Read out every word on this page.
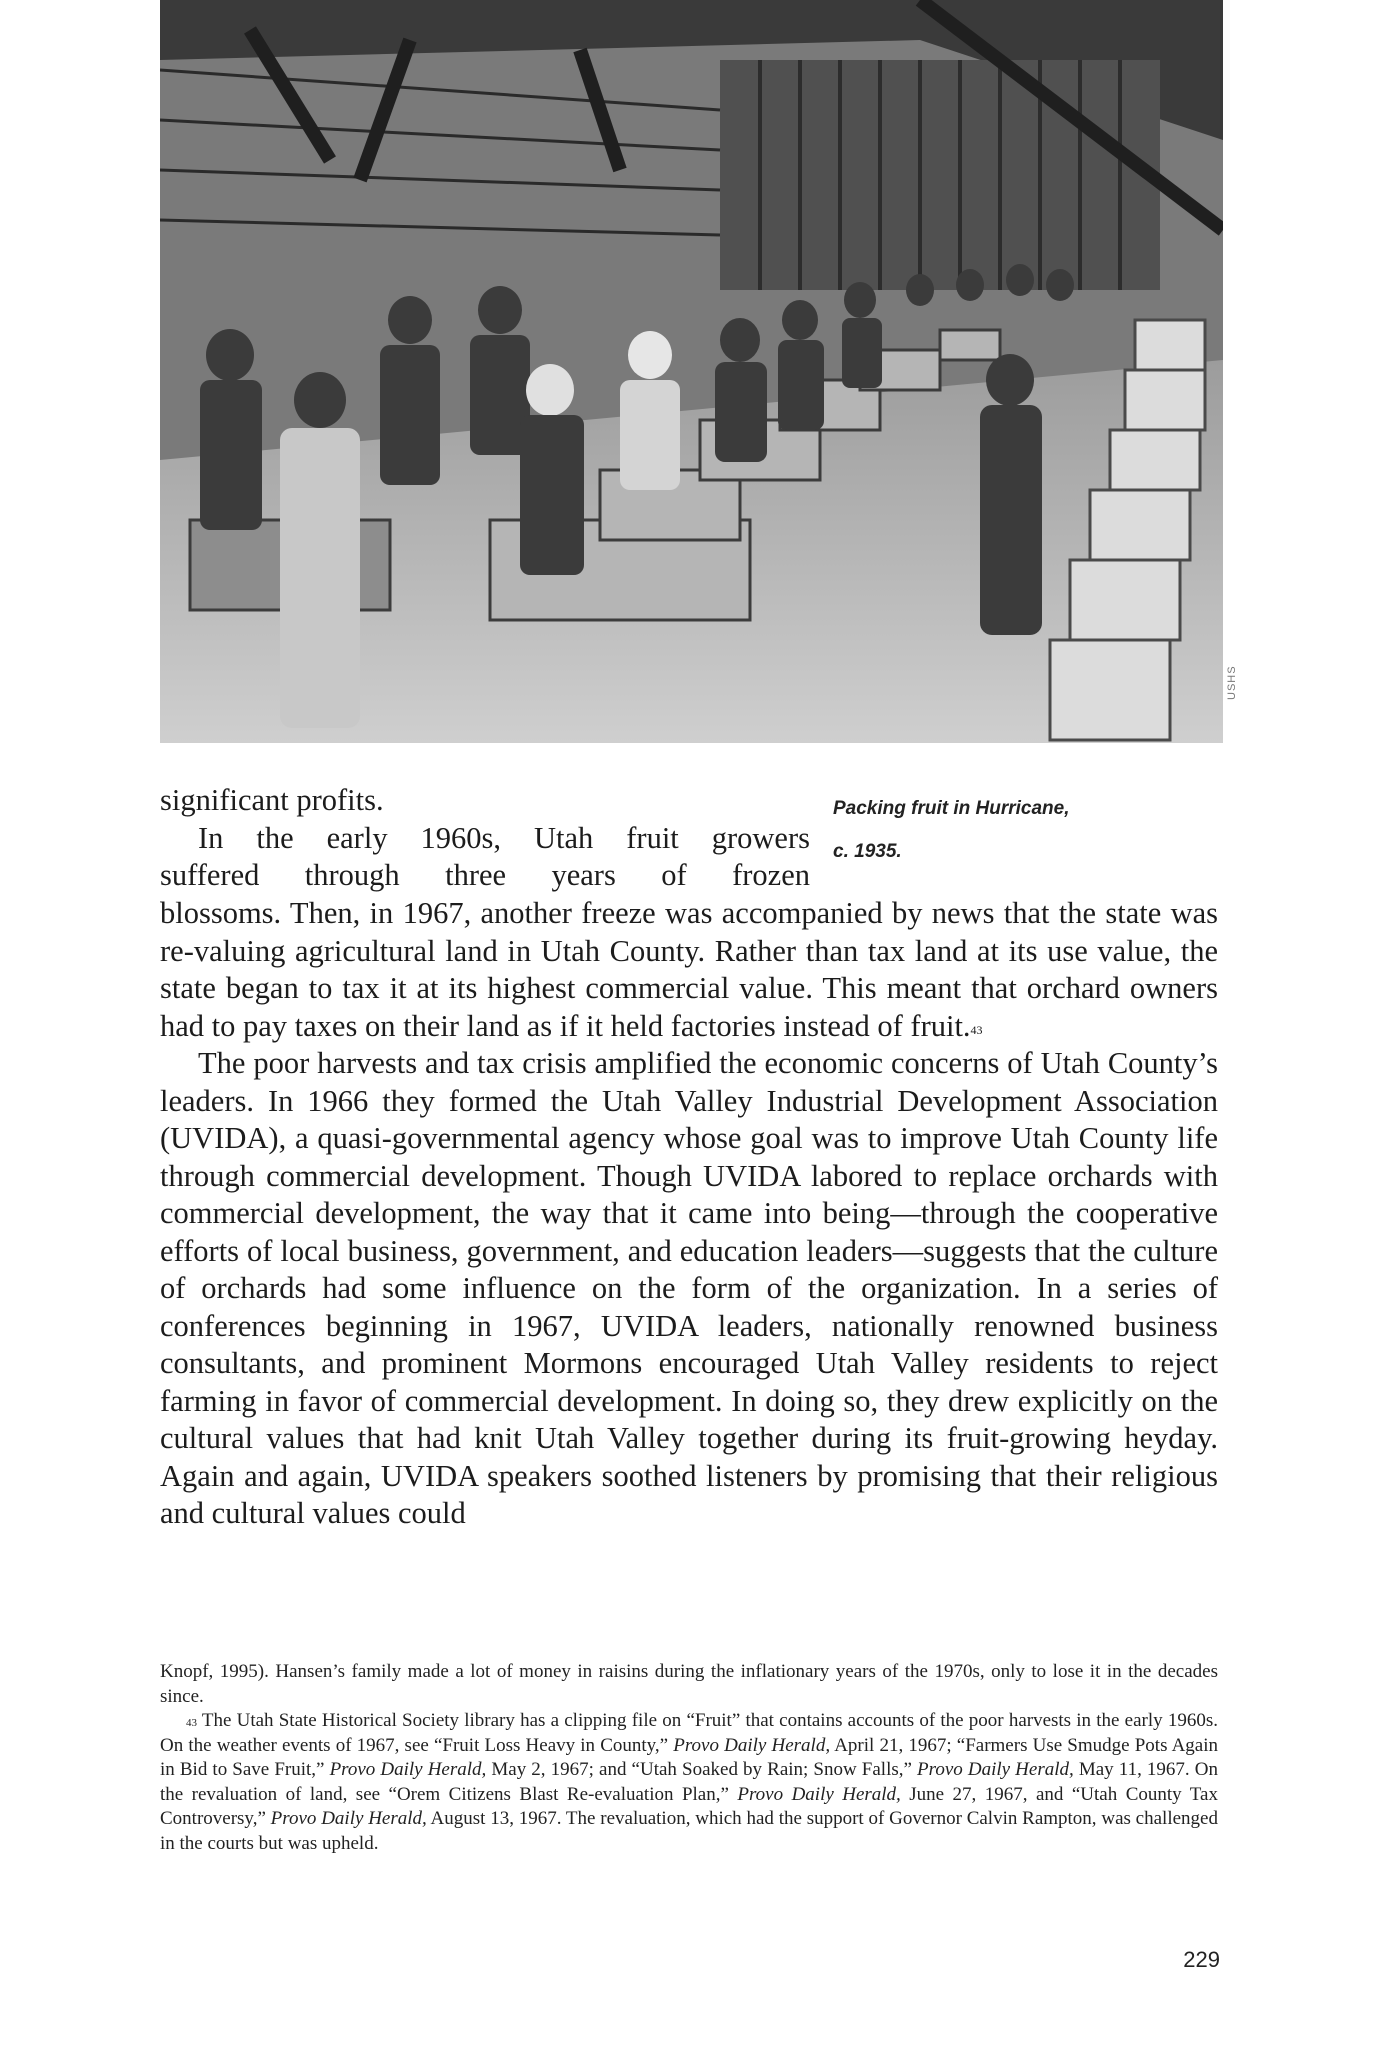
USHS
Packing fruit in Hurricane,
c. 1935.

significant profits.

In the early 1960s, Utah fruit growers

suffered through three years of frozen

blossoms. Then, in 1967, another freeze was accompanied by news that the state was re-valuing agricultural land in Utah County. Rather than tax land at its use value, the state began to tax it at its highest commercial value. This meant that orchard owners had to pay taxes on their land as if it held factories instead of fruit.$^{43}$

The poor harvests and tax crisis amplified the economic concerns of Utah County’s leaders. In 1966 they formed the Utah Valley Industrial Development Association (UVIDA), a quasi-governmental agency whose goal was to improve Utah County life through commercial development. Though UVIDA labored to replace orchards with commercial development, the way that it came into being—through the cooperative efforts of local business, government, and education leaders—suggests that the culture of orchards had some influence on the form of the organization. In a series of conferences beginning in 1967, UVIDA leaders, nationally renowned business consultants, and prominent Mormons encouraged Utah Valley residents to reject farming in favor of commercial development. In doing so, they drew explicitly on the cultural values that had knit Utah Valley together during its fruit-growing heyday. Again and again, UVIDA speakers soothed listeners by promising that their religious and cultural values could

Knopf, 1995). Hansen’s family made a lot of money in raisins during the inflationary years of the 1970s, only to lose it in the decades since.

$^{43}$ The Utah State Historical Society library has a clipping file on “Fruit” that contains accounts of the poor harvests in the early 1960s. On the weather events of 1967, see “Fruit Loss Heavy in County,” Provo Daily Herald, April 21, 1967; “Farmers Use Smudge Pots Again in Bid to Save Fruit,” Provo Daily Herald, May 2, 1967; and “Utah Soaked by Rain; Snow Falls,” Provo Daily Herald, May 11, 1967. On the revaluation of land, see “Orem Citizens Blast Re-evaluation Plan,” Provo Daily Herald, June 27, 1967, and “Utah County Tax Controversy,” Provo Daily Herald, August 13, 1967. The revaluation, which had the support of Governor Calvin Rampton, was challenged in the courts but was upheld.

229
